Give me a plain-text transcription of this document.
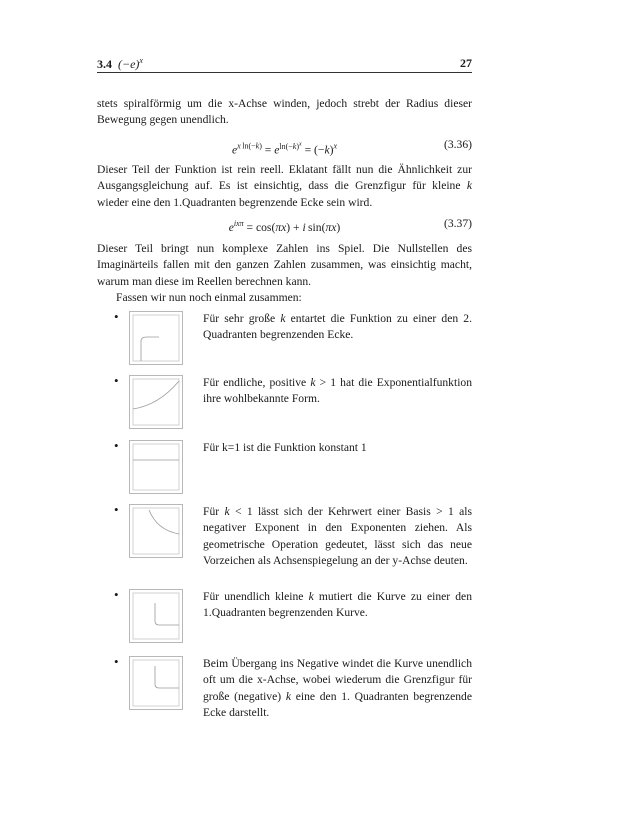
3.4 $(-e)^x$	27
stets spiralförmig um die x-Achse winden, jedoch strebt der Radius dieser Bewegung gegen unendlich.
$e^{x ln(-k)} = e^{ln(-k)^x} = (-k)^x$	(3.36)
Dieser Teil der Funktion ist rein reell. Eklatant fällt nun die Ähnlichkeit zur Ausgangsgleichung auf. Es ist einsichtig, dass die Grenzfigur für kleine k wieder eine den 1.Quadranten begrenzende Ecke sein wird.
$e^{ix\pi} = \cos(\pi x) + i$ sin(πx)	(3.37)
Dieser Teil bringt nun komplexe Zahlen ins Spiel. Die Nullstellen des Imaginärteils fallen mit den ganzen Zahlen zusammen, was einsichtig macht, warum man diese im Reellen berechnen kann.
Fassen wir nun noch einmal zusammen:
•	Für sehr große k entartet die Funktion zu einer den 2. Quadranten begrenzenden Ecke.
•	Für endliche, positive k > 1 hat die Exponentialfunktion ihre wohlbekannte Form.
•	Für k=1 ist die Funktion konstant 1
•	Für k < 1 lässt sich der Kehrwert einer Basis > 1 als negativer Exponent in den Exponenten ziehen. Als geometrische Operation gedeutet, lässt sich das neue Vorzeichen als Achsenspiegelung an der y-Achse deuten.
•	Für unendlich kleine k mutiert die Kurve zu einer den 1.Quadranten begrenzenden Kurve.
•	Beim Übergang ins Negative windet die Kurve unendlich oft um die x-Achse, wobei wiederum die Grenzfigur für große (negative) k eine den 1. Quadranten begrenzende Ecke darstellt.
